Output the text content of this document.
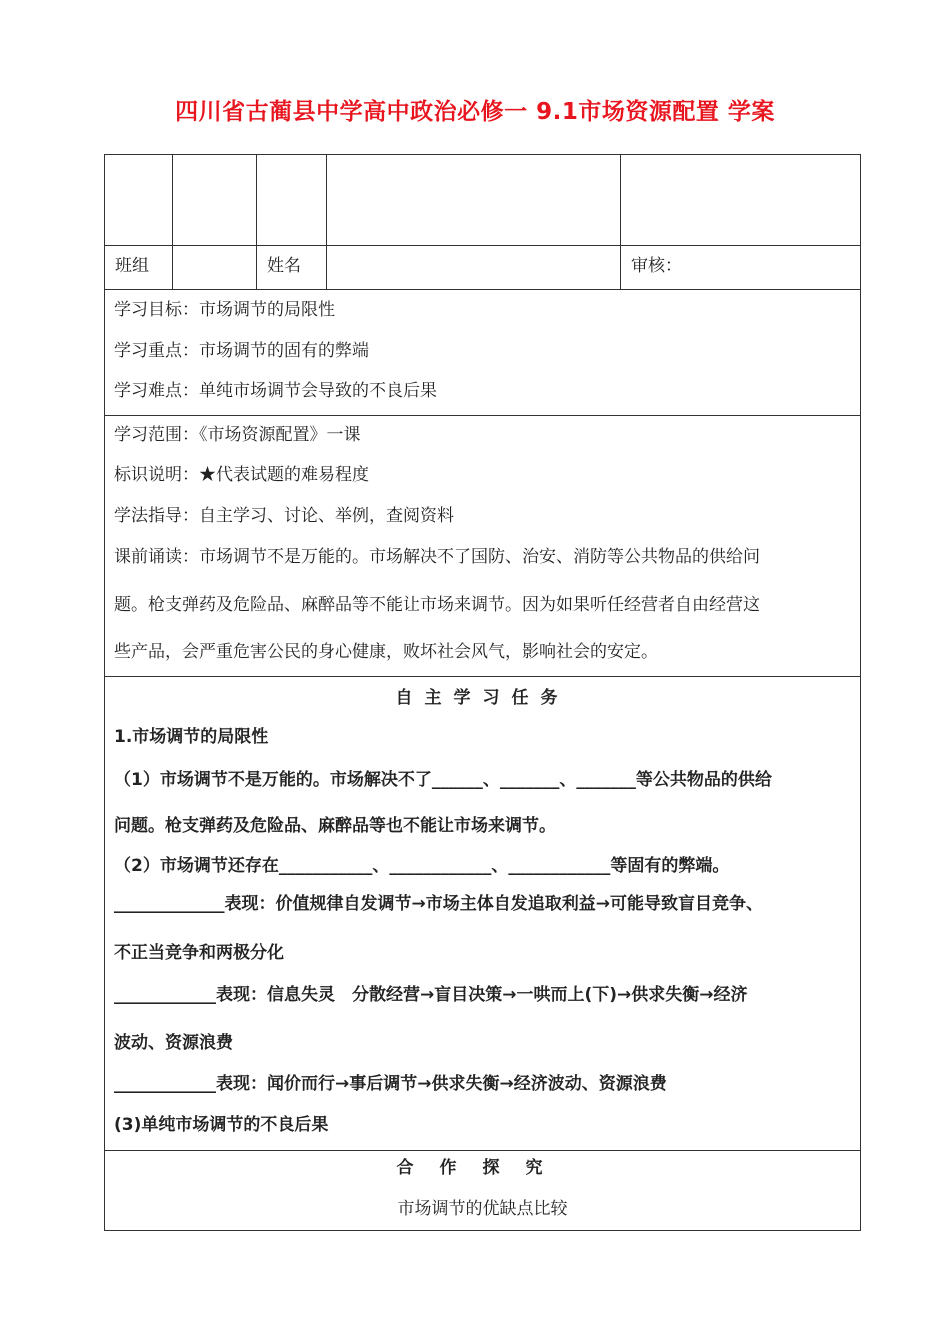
四川省古蔺县中学高中政治必修一 9.1市场资源配置 学案
班组	姓名	审核：
学习目标：市场调节的局限性
学习重点：市场调节的固有的弊端
学习难点：单纯市场调节会导致的不良后果
学习范围：《市场资源配置》一课
标识说明：★代表试题的难易程度
学法指导：自主学习、讨论、举例，查阅资料
课前诵读：市场调节不是万能的。市场解决不了国防、治安、消防等公共物品的供给问
题。枪支弹药及危险品、麻醉品等不能让市场来调节。因为如果听任经营者自由经营这
些产品，会严重危害公民的身心健康，败坏社会风气，影响社会的安定。
自主学习任务
1.市场调节的局限性
（1）市场调节不是万能的。市场解决不了______、_______、_______等公共物品的供给
问题。枪支弹药及危险品、麻醉品等也不能让市场来调节。
（2）市场调节还存在___________、____________、____________等固有的弊端。
_____________表现：价值规律自发调节→市场主体自发追取利益→可能导致盲目竞争、
不正当竞争和两极分化
____________表现：信息失灵　分散经营→盲目决策→一哄而上(下)→供求失衡→经济
波动、资源浪费
____________表现：闻价而行→事后调节→供求失衡→经济波动、资源浪费
(3)单纯市场调节的不良后果
合作探究
市场调节的优缺点比较
